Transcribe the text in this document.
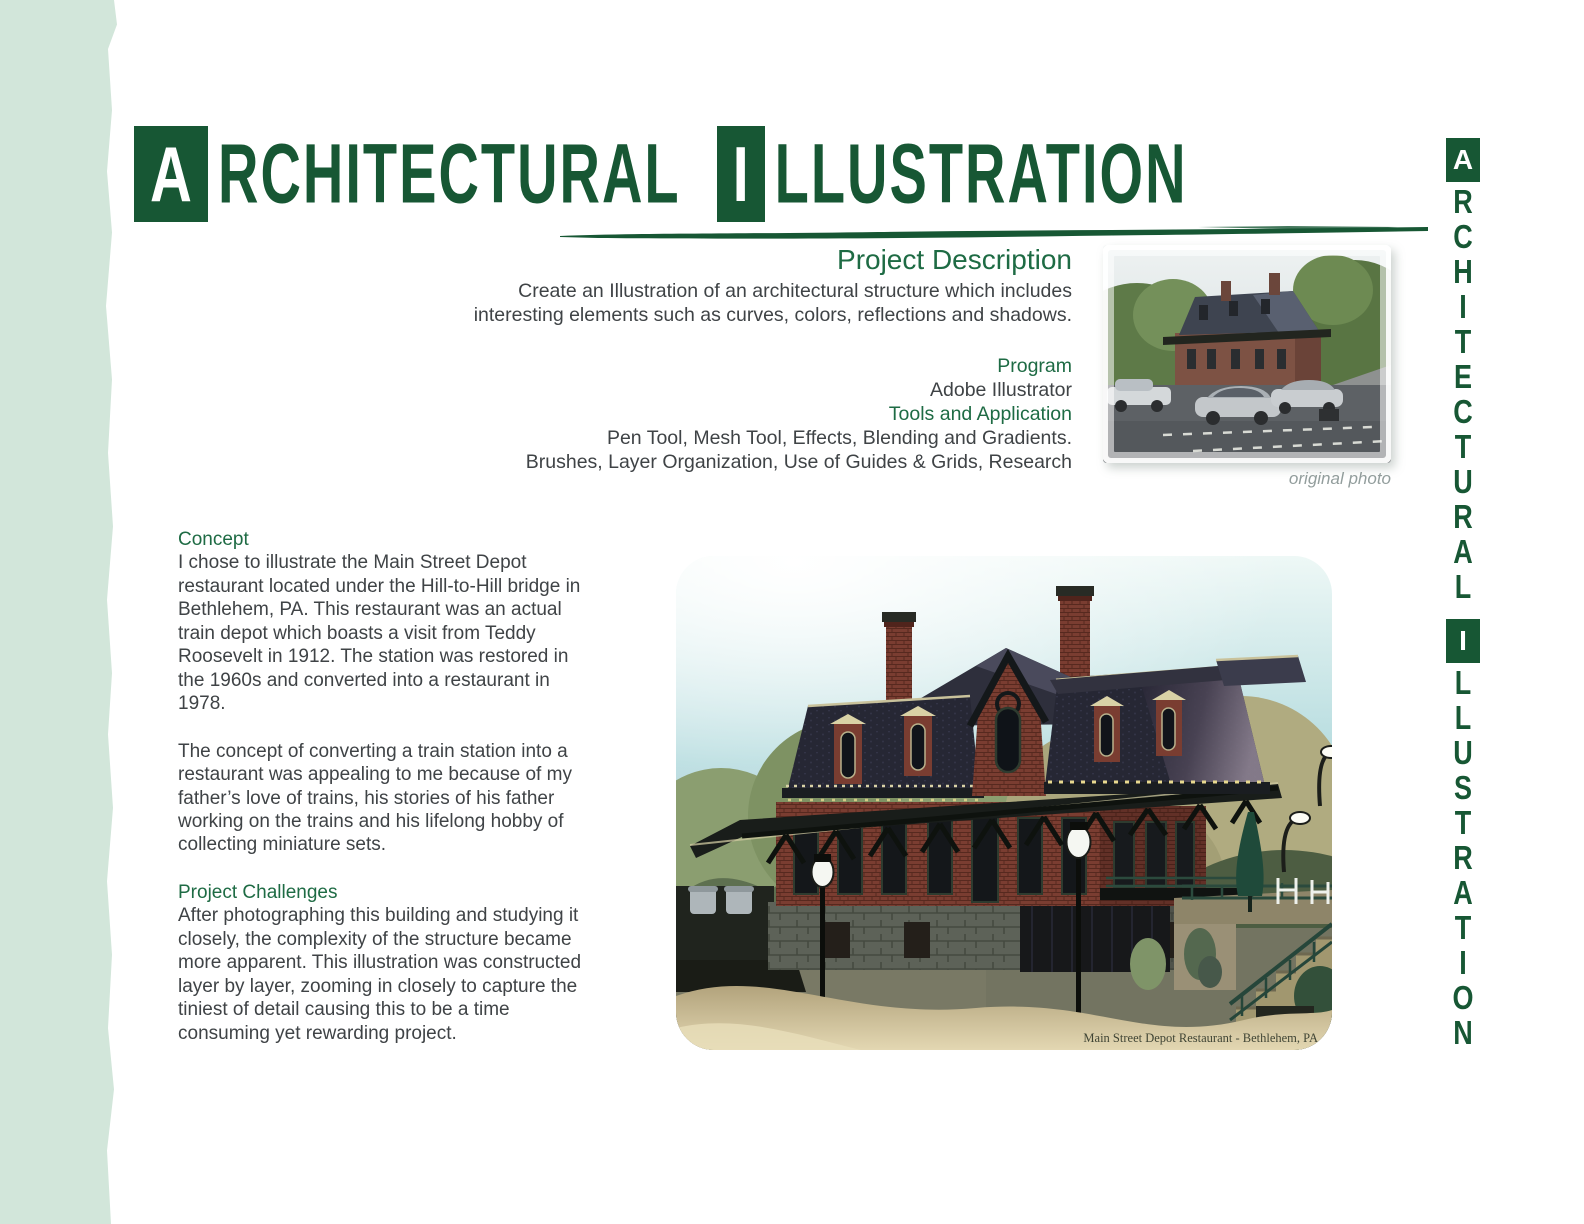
A RCHITECTURAL I LLUSTRATION	A
R
C
H
I
T
E
C
T
U
R
A
L
I
L
L
U
S
T
R
A
T
I
O
N
Project Description

Create an Illustration of an architectural structure which includes interesting elements such as curves, colors, reflections and shadows.

Program
Adobe Illustrator
Tools and Application
Pen Tool, Mesh Tool, Effects, Blending and Gradients.
Brushes, Layer Organization, Use of Guides & Grids, Research
original photo
Concept

I chose to illustrate the Main Street Depot restaurant located under the Hill-to-Hill bridge in Bethlehem, PA. This restaurant was an actual train depot which boasts a visit from Teddy Roosevelt in 1912. The station was restored in the 1960s and converted into a restaurant in 1978.

The concept of converting a train station into a restaurant was appealing to me because of my father’s love of trains, his stories of his father working on the trains and his lifelong hobby of collecting miniature sets.

Project Challenges

After photographing this building and studying it closely, the complexity of the structure became more apparent. This illustration was constructed layer by layer, zooming in closely to capture the tiniest of detail causing this to be a time consuming yet rewarding project.	Main Street Depot Restaurant - Bethlehem, PA
